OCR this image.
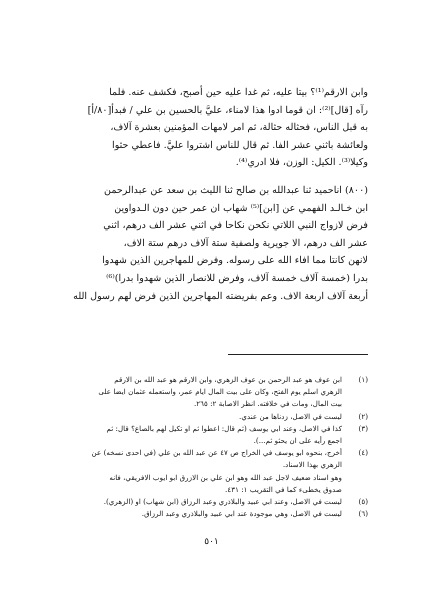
وابن الارقم⁽¹⁾؟ بيتا عليه، ثم غدا عليه حين أصبح، فكشف عنه. فلما
رآه [قال]⁽²⁾: ان قوما ادوا هذا لامناء، عليَّ بالحسين بن علي / فبدأ[٨٠/أ]
به قبل الناس، فحثاله حثالة، ثم امر لامهات المؤمنين بعشرة آلاف،
ولعائشة باثني عشر الفا. ثم قال للناس اشتروا عليَّ. فاعطي حثوا
وكيلا⁽³⁾. الكيل: الوزن، فلا ادري⁽⁴⁾.
(٨٠٠) اناحميد ثنا عبدالله بن صالح ثنا الليث بن سعد عن عبدالرحمن
ابن خـالـد الفهمي عن [ابن]⁽⁵⁾ شهاب ان عمر حين دون الـدواوين
فرض لازواج النبي اللاتي نكحن نكاحا في اثني عشر الف درهم، اثني
عشر الف درهم، الا جويرية ولصفية ستة آلاف درهم ستة الاف،
لانهن كانتا مما افاء الله على رسوله. وفرض للمهاجرين الذين شهدوا
بدرا (خمسة آلاف خمسة آلاف، وفرض للانصار الذين شهدوا بدرا)⁽⁶⁾
أربعة آلاف اربعة الاف. وعم بفريضته المهاجرين الذين فرض لهم رسول الله
(١)
ابن عوف هو عبد الرحمن بن عوف الزهري، وابن الارقم هو عبد الله بن الارقم
الزهري اسلم يوم الفتح، وكان على بيت المال ايام عمر، واستعمله عثمان ايضا على
بيت المال، ومات في خلافته. انظر الاصابة ٢: ٢٦٥.
(٢)
ليست في الاصل، زدناها من عندي.
(٣)
كذا في الاصل، وعند ابي يوسف (ثم قال: اعطوا ثم او تكيل لهم بالصاع؟ قال: ثم
اجمع رأيه على ان يحثو ثم...).
(٤)
أخرج، بنحوه ابو يوسف في الخراج ص ٤٧ عن عبد الله بن علي (في احدى نسخه) عن
الزهري بهذا الاسناد.
وهو اسناد ضعيف لاجل عبد الله وهو ابن علي بن الازرق ابو ايوب الافريقي، فانه
صدوق يخطىء كما في التقريب ١: ٤٣١.
(٥)
ليست في الاصل، وعند ابي عبيد والبلاذري وعبد الرزاق (ابن شهاب) او (الزهري).
(٦)
ليست في الاصل، وهي موجودة عند ابي عبيد والبلاذري وعبد الرزاق.
٥٠١
